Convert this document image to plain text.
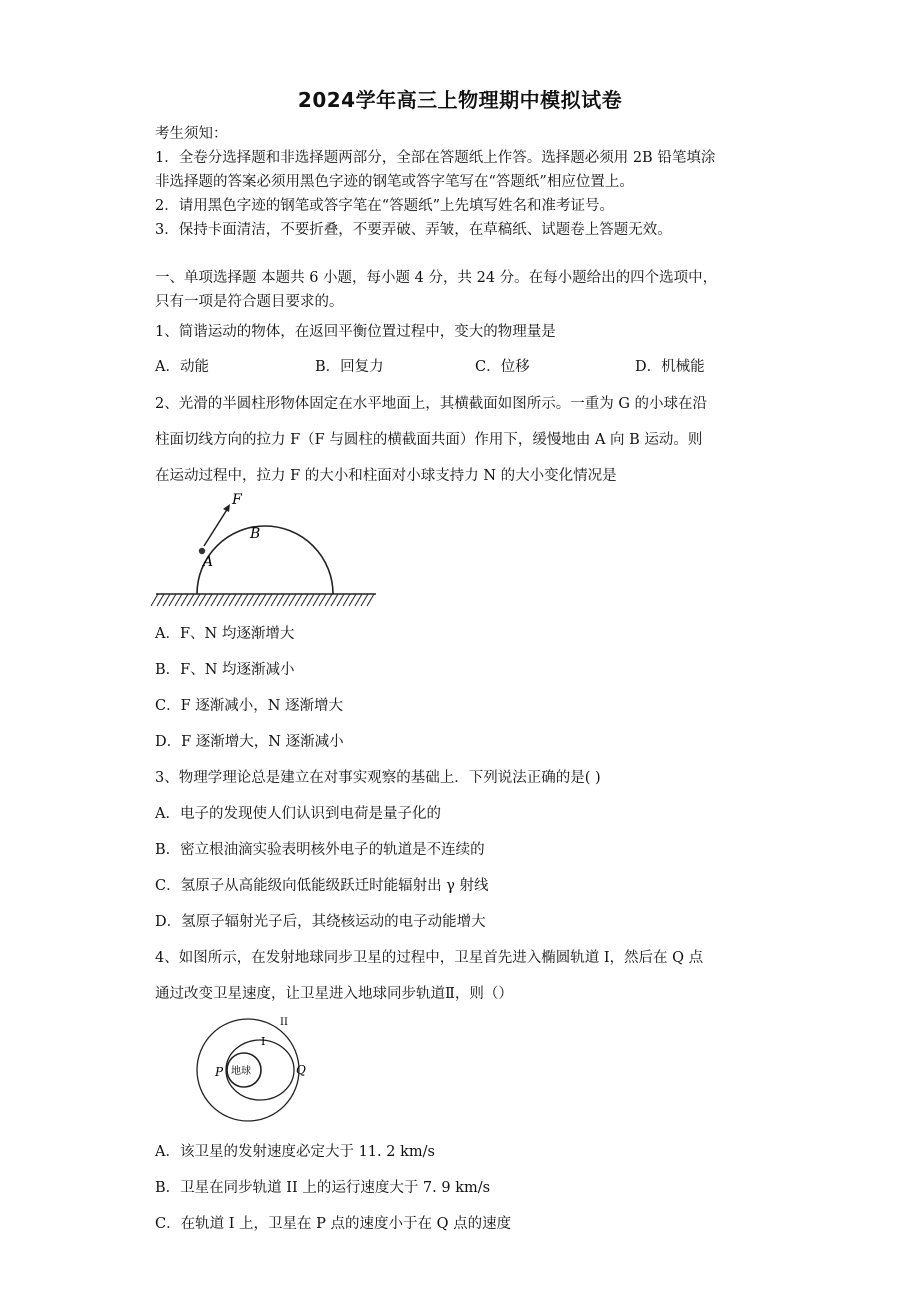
2024学年高三上物理期中模拟试卷
考生须知：
1．全卷分选择题和非选择题两部分，全部在答题纸上作答。选择题必须用 2B 铅笔填涂
非选择题的答案必须用黑色字迹的钢笔或答字笔写在“答题纸”相应位置上。
2．请用黑色字迹的钢笔或答字笔在“答题纸”上先填写姓名和准考证号。
3．保持卡面清洁，不要折叠，不要弄破、弄皱，在草稿纸、试题卷上答题无效。
一、单项选择题 本题共 6 小题，每小题 4 分，共 24 分。在每小题给出的四个选项中，
只有一项是符合题目要求的。
1、简谐运动的物体，在返回平衡位置过程中，变大的物理量是
A．动能	B．回复力	C．位移	D．机械能
2、光滑的半圆柱形物体固定在水平地面上，其横截面如图所示。一重为 G 的小球在沿
柱面切线方向的拉力 F（F 与圆柱的横截面共面）作用下，缓慢地由 A 向 B 运动。则
在运动过程中，拉力 F 的大小和柱面对小球支持力 N 的大小变化情况是
F
A
B
A．F、N 均逐渐增大
B．F、N 均逐渐减小
C．F 逐渐减小，N 逐渐增大
D．F 逐渐增大，N 逐渐减小
3、物理学理论总是建立在对事实观察的基础上．下列说法正确的是( )
A．电子的发现使人们认识到电荷是量子化的
B．密立根油滴实验表明核外电子的轨道是不连续的
C．氢原子从高能级向低能级跃迁时能辐射出 γ 射线
D．氢原子辐射光子后，其绕核运动的电子动能增大
4、如图所示，在发射地球同步卫星的过程中，卫星首先进入椭圆轨道 I，然后在 Q 点
通过改变卫星速度，让卫星进入地球同步轨道Ⅱ，则（）
地球
II
I
P	Q
A．该卫星的发射速度必定大于 11. 2 km/s
B．卫星在同步轨道 II 上的运行速度大于 7. 9 km/s
C．在轨道 I 上，卫星在 P 点的速度小于在 Q 点的速度
